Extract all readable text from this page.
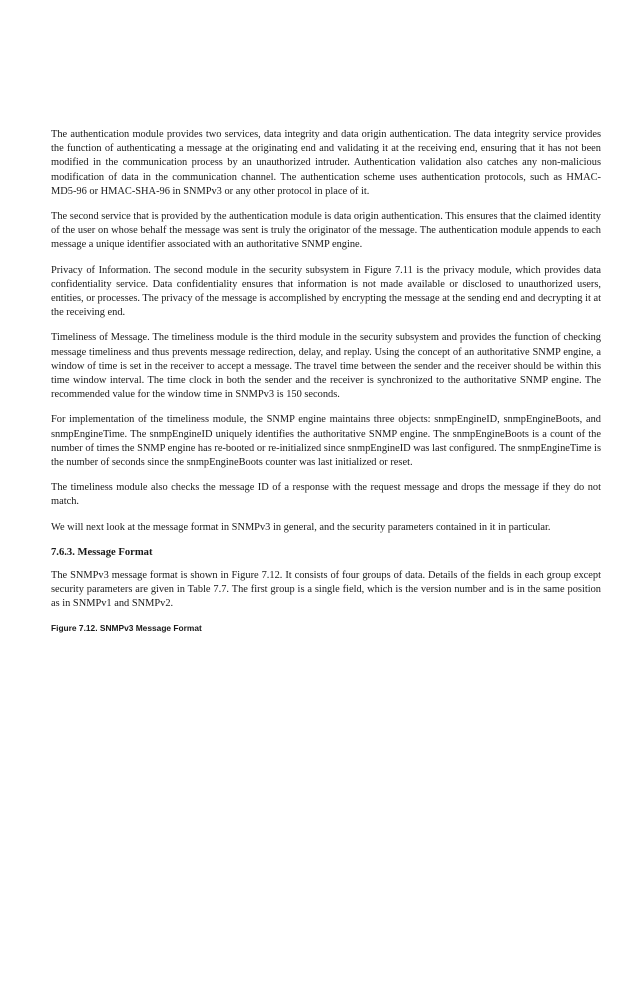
The authentication module provides two services, data integrity and data origin authentication. The data integrity service provides the function of authenticating a message at the originating end and validating it at the receiving end, ensuring that it has not been modified in the communication process by an unauthorized intruder. Authentication validation also catches any non-malicious modification of data in the communication channel. The authentication scheme uses authentication protocols, such as HMAC-MD5-96 or HMAC-SHA-96 in SNMPv3 or any other protocol in place of it.

The second service that is provided by the authentication module is data origin authentication. This ensures that the claimed identity of the user on whose behalf the message was sent is truly the originator of the message. The authentication module appends to each message a unique identifier associated with an authoritative SNMP engine.

Privacy of Information. The second module in the security subsystem in Figure 7.11 is the privacy module, which provides data confidentiality service. Data confidentiality ensures that information is not made available or disclosed to unauthorized users, entities, or processes. The privacy of the message is accomplished by encrypting the message at the sending end and decrypting it at the receiving end.

Timeliness of Message. The timeliness module is the third module in the security subsystem and provides the function of checking message timeliness and thus prevents message redirection, delay, and replay. Using the concept of an authoritative SNMP engine, a window of time is set in the receiver to accept a message. The travel time between the sender and the receiver should be within this time window interval. The time clock in both the sender and the receiver is synchronized to the authoritative SNMP engine. The recommended value for the window time in SNMPv3 is 150 seconds.

For implementation of the timeliness module, the SNMP engine maintains three objects: snmpEngineID, snmpEngineBoots, and snmpEngineTime. The snmpEngineID uniquely identifies the authoritative SNMP engine. The snmpEngineBoots is a count of the number of times the SNMP engine has re-booted or re-initialized since snmpEngineID was last configured. The snmpEngineTime is the number of seconds since the snmpEngineBoots counter was last initialized or reset.

The timeliness module also checks the message ID of a response with the request message and drops the message if they do not match.

We will next look at the message format in SNMPv3 in general, and the security parameters contained in it in particular.

7.6.3. Message Format

The SNMPv3 message format is shown in Figure 7.12. It consists of four groups of data. Details of the fields in each group except security parameters are given in Table 7.7. The first group is a single field, which is the version number and is in the same position as in SNMPv1 and SNMPv2.

Figure 7.12. SNMPv3 Message Format
